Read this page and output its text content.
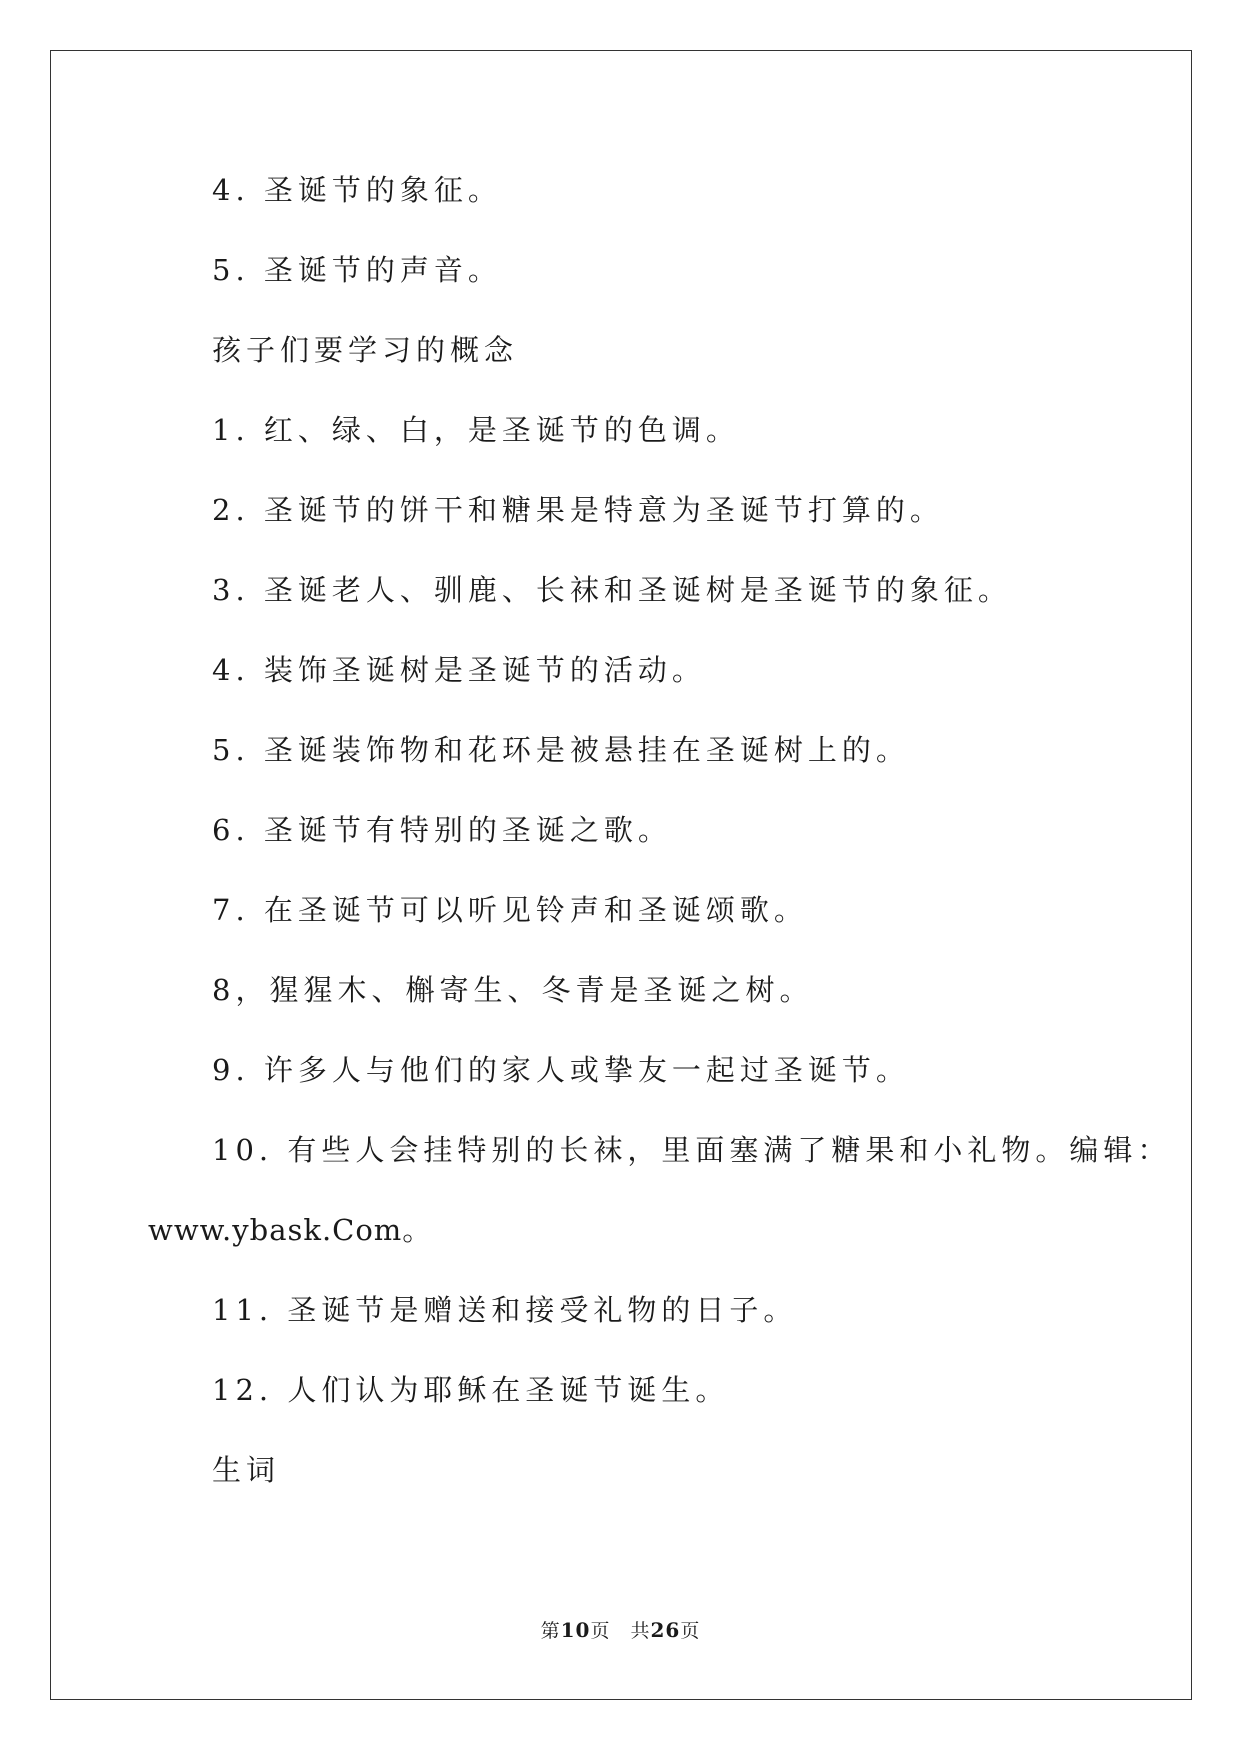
4. 圣诞节的象征。
5. 圣诞节的声音。
孩子们要学习的概念
1. 红、绿、白，是圣诞节的色调。
2. 圣诞节的饼干和糖果是特意为圣诞节打算的。
3. 圣诞老人、驯鹿、长袜和圣诞树是圣诞节的象征。
4. 装饰圣诞树是圣诞节的活动。
5. 圣诞装饰物和花环是被悬挂在圣诞树上的。
6. 圣诞节有特别的圣诞之歌。
7. 在圣诞节可以听见铃声和圣诞颂歌。
8，猩猩木、槲寄生、冬青是圣诞之树。
9. 许多人与他们的家人或挚友一起过圣诞节。
10. 有些人会挂特别的长袜，里面塞满了糖果和小礼物。编辑：
www.ybask.Com。
11. 圣诞节是赠送和接受礼物的日子。
12. 人们认为耶稣在圣诞节诞生。
生词
第10页　共26页
